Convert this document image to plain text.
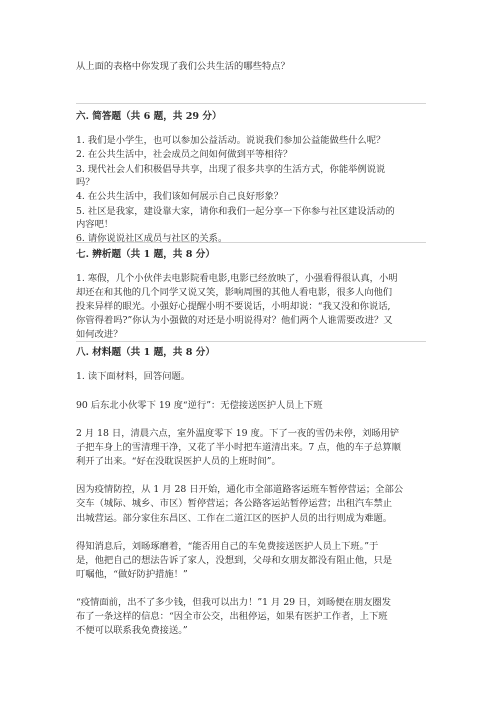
从上面的表格中你发现了我们公共生活的哪些特点？
六. 简答题（共 6 题，共 29 分）
1. 我们是小学生，也可以参加公益活动。说说我们参加公益能做些什么呢？
2. 在公共生活中，社会成员之间如何做到平等相待？
3. 现代社会人们积极倡导共享，出现了很多共享的生活方式，你能举例说说
吗？
4. 在公共生活中，我们该如何展示自己良好形象？
5. 社区是我家，建设靠大家，请你和我们一起分享一下你参与社区建设活动的
内容吧！
6. 请你说说社区成员与社区的关系。
七. 辨析题（共 1 题，共 8 分）
1. 寒假，几个小伙伴去电影院看电影,电影已经放映了，小强看得很认真，小明
却还在和其他的几个同学又说又笑，影响周围的其他人看电影，很多人向他们
投来异样的眼光。小强好心提醒小明不要说话，小明却说：“我又没和你说话,
你管得着吗?”你认为小强做的对还是小明说得对？他们两个人谁需要改进？又
如何改进？
八. 材料题（共 1 题，共 8 分）
1. 读下面材料，回答问题。
90 后东北小伙零下 19 度“逆行”：无偿接送医护人员上下班
2 月 18 日，清晨六点，室外温度零下 19 度。下了一夜的雪仍未停，刘旸用铲
子把车身上的雪清理干净，又花了半小时把车道清出来。7 点，他的车子总算顺
利开了出来。“好在没耽误医护人员的上班时间”。
因为疫情防控，从 1 月 28 日开始，通化市全部道路客运班车暂停营运；全部公
交车（城际、城乡、市区）暂停营运；各公路客运站暂停运营；出租汽车禁止
出城营运。部分家住东昌区、工作在二道江区的医护人员的出行则成为难题。
得知消息后，刘旸琢磨着，“能否用自己的车免费接送医护人员上下班。”于
是，他把自己的想法告诉了家人，没想到，父母和女朋友都没有阻止他，只是
叮嘱他，“做好防护措施！”
“疫情面前，出不了多少钱，但我可以出力！”1 月 29 日，刘旸便在朋友圈发
布了一条这样的信息：“因全市公交，出租停运，如果有医护工作者，上下班
不便可以联系我免费接送。”
